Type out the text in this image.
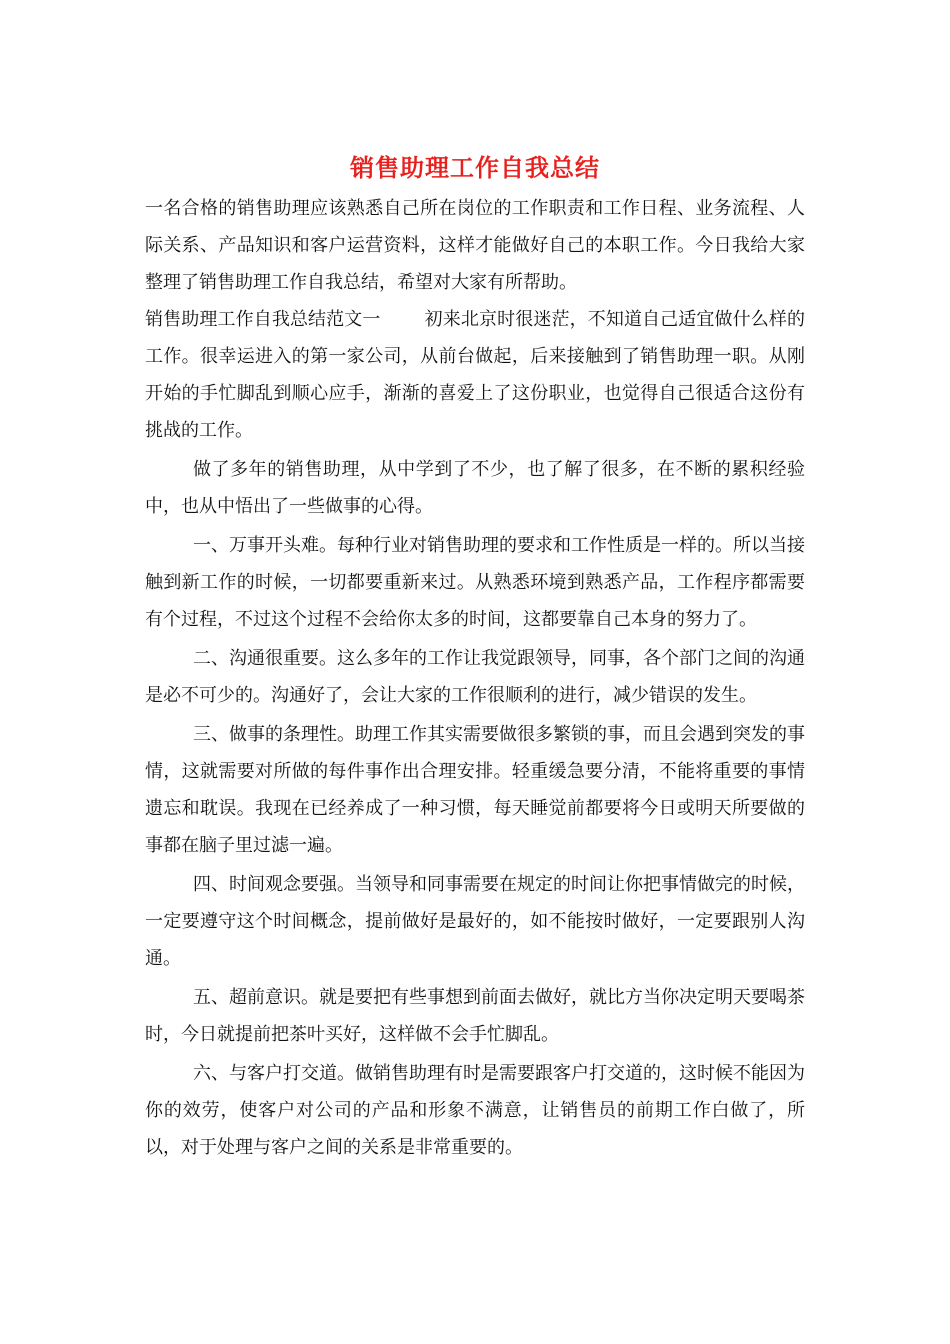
销售助理工作自我总结

一名合格的销售助理应该熟悉自己所在岗位的工作职责和工作日程、业务流程、人际关系、产品知识和客户运营资料，这样才能做好自己的本职工作。今日我给大家整理了销售助理工作自我总结，希望对大家有所帮助。

销售助理工作自我总结范文一 初来北京时很迷茫，不知道自己适宜做什么样的工作。很幸运进入的第一家公司，从前台做起，后来接触到了销售助理一职。从刚开始的手忙脚乱到顺心应手，渐渐的喜爱上了这份职业，也觉得自己很适合这份有挑战的工作。

做了多年的销售助理，从中学到了不少，也了解了很多，在不断的累积经验中，也从中悟出了一些做事的心得。

一、万事开头难。每种行业对销售助理的要求和工作性质是一样的。所以当接触到新工作的时候，一切都要重新来过。从熟悉环境到熟悉产品，工作程序都需要有个过程，不过这个过程不会给你太多的时间，这都要靠自己本身的努力了。

二、沟通很重要。这么多年的工作让我觉跟领导，同事，各个部门之间的沟通是必不可少的。沟通好了，会让大家的工作很顺利的进行，减少错误的发生。

三、做事的条理性。助理工作其实需要做很多繁锁的事，而且会遇到突发的事情，这就需要对所做的每件事作出合理安排。轻重缓急要分清，不能将重要的事情遗忘和耽误。我现在已经养成了一种习惯，每天睡觉前都要将今日或明天所要做的事都在脑子里过滤一遍。

四、时间观念要强。当领导和同事需要在规定的时间让你把事情做完的时候，一定要遵守这个时间概念，提前做好是最好的，如不能按时做好，一定要跟别人沟通。

五、超前意识。就是要把有些事想到前面去做好，就比方当你决定明天要喝茶时，今日就提前把茶叶买好，这样做不会手忙脚乱。

六、与客户打交道。做销售助理有时是需要跟客户打交道的，这时候不能因为你的效劳，使客户对公司的产品和形象不满意，让销售员的前期工作白做了，所以，对于处理与客户之间的关系是非常重要的。
